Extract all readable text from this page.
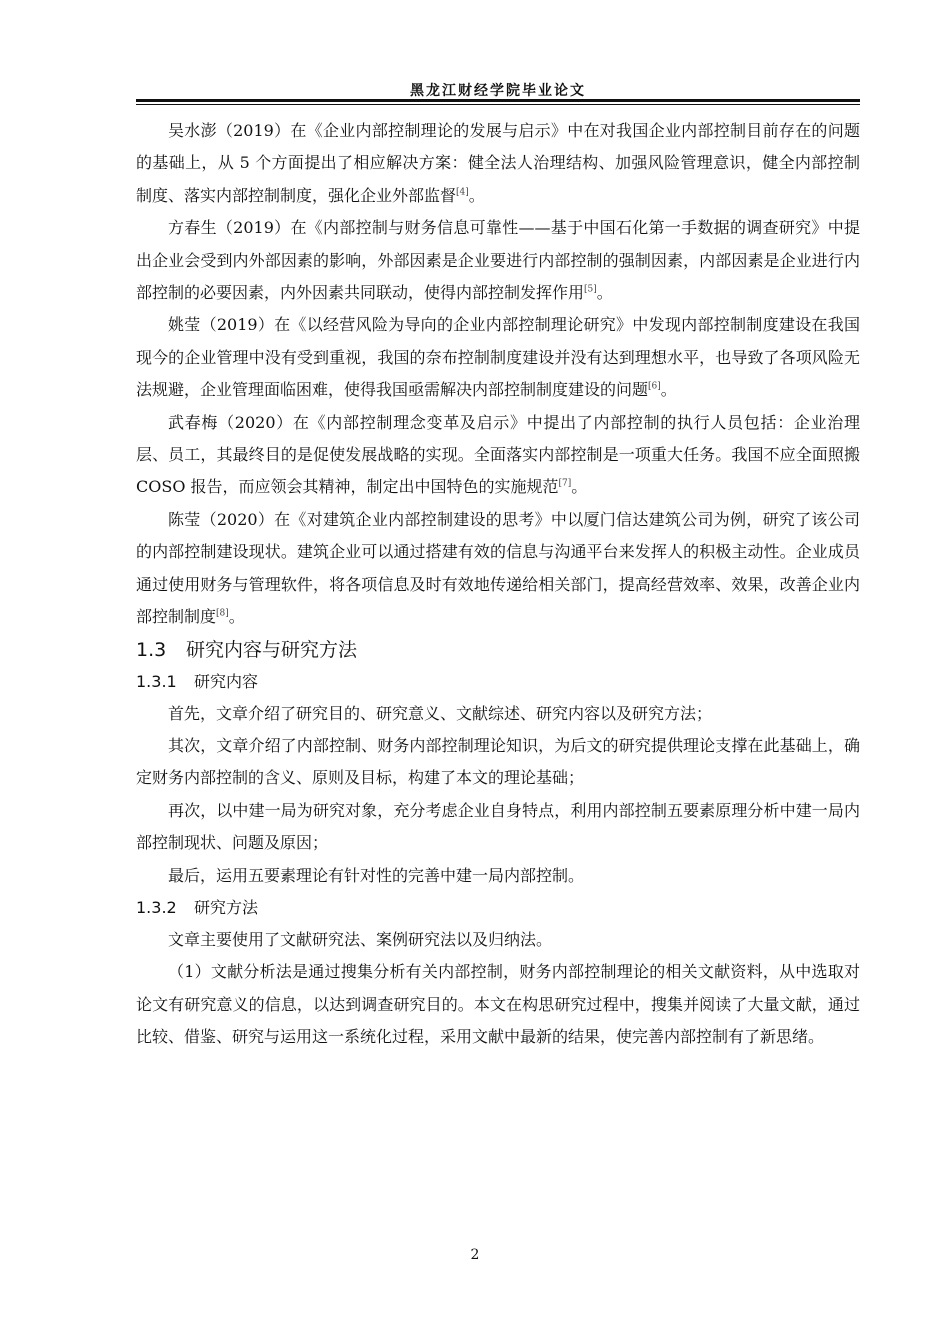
黑龙江财经学院毕业论文

吴水澎（2019）在《企业内部控制理论的发展与启示》中在对我国企业内部控制目前存在的问题的基础上，从 5 个方面提出了相应解决方案：健全法人治理结构、加强风险管理意识，健全内部控制制度、落实内部控制制度，强化企业外部监督[4]。

方春生（2019）在《内部控制与财务信息可靠性——基于中国石化第一手数据的调查研究》中提出企业会受到内外部因素的影响，外部因素是企业要进行内部控制的强制因素，内部因素是企业进行内部控制的必要因素，内外因素共同联动，使得内部控制发挥作用[5]。

姚莹（2019）在《以经营风险为导向的企业内部控制理论研究》中发现内部控制制度建设在我国现今的企业管理中没有受到重视，我国的奈布控制制度建设并没有达到理想水平，也导致了各项风险无法规避，企业管理面临困难，使得我国亟需解决内部控制制度建设的问题[6]。

武春梅（2020）在《内部控制理念变革及启示》中提出了内部控制的执行人员包括：企业治理层、员工，其最终目的是促使发展战略的实现。全面落实内部控制是一项重大任务。我国不应全面照搬 COSO 报告，而应领会其精神，制定出中国特色的实施规范[7]。

陈莹（2020）在《对建筑企业内部控制建设的思考》中以厦门信达建筑公司为例，研究了该公司的内部控制建设现状。建筑企业可以通过搭建有效的信息与沟通平台来发挥人的积极主动性。企业成员通过使用财务与管理软件，将各项信息及时有效地传递给相关部门，提高经营效率、效果，改善企业内部控制制度[8]。

1.3 研究内容与研究方法

1.3.1 研究内容

首先，文章介绍了研究目的、研究意义、文献综述、研究内容以及研究方法；

其次，文章介绍了内部控制、财务内部控制理论知识，为后文的研究提供理论支撑在此基础上，确定财务内部控制的含义、原则及目标，构建了本文的理论基础；

再次，以中建一局为研究对象，充分考虑企业自身特点，利用内部控制五要素原理分析中建一局内部控制现状、问题及原因；

最后，运用五要素理论有针对性的完善中建一局内部控制。

1.3.2 研究方法

文章主要使用了文献研究法、案例研究法以及归纳法。

（1）文献分析法是通过搜集分析有关内部控制，财务内部控制理论的相关文献资料，从中选取对论文有研究意义的信息，以达到调查研究目的。本文在构思研究过程中，搜集并阅读了大量文献，通过比较、借鉴、研究与运用这一系统化过程，采用文献中最新的结果，使完善内部控制有了新思绪。

2
